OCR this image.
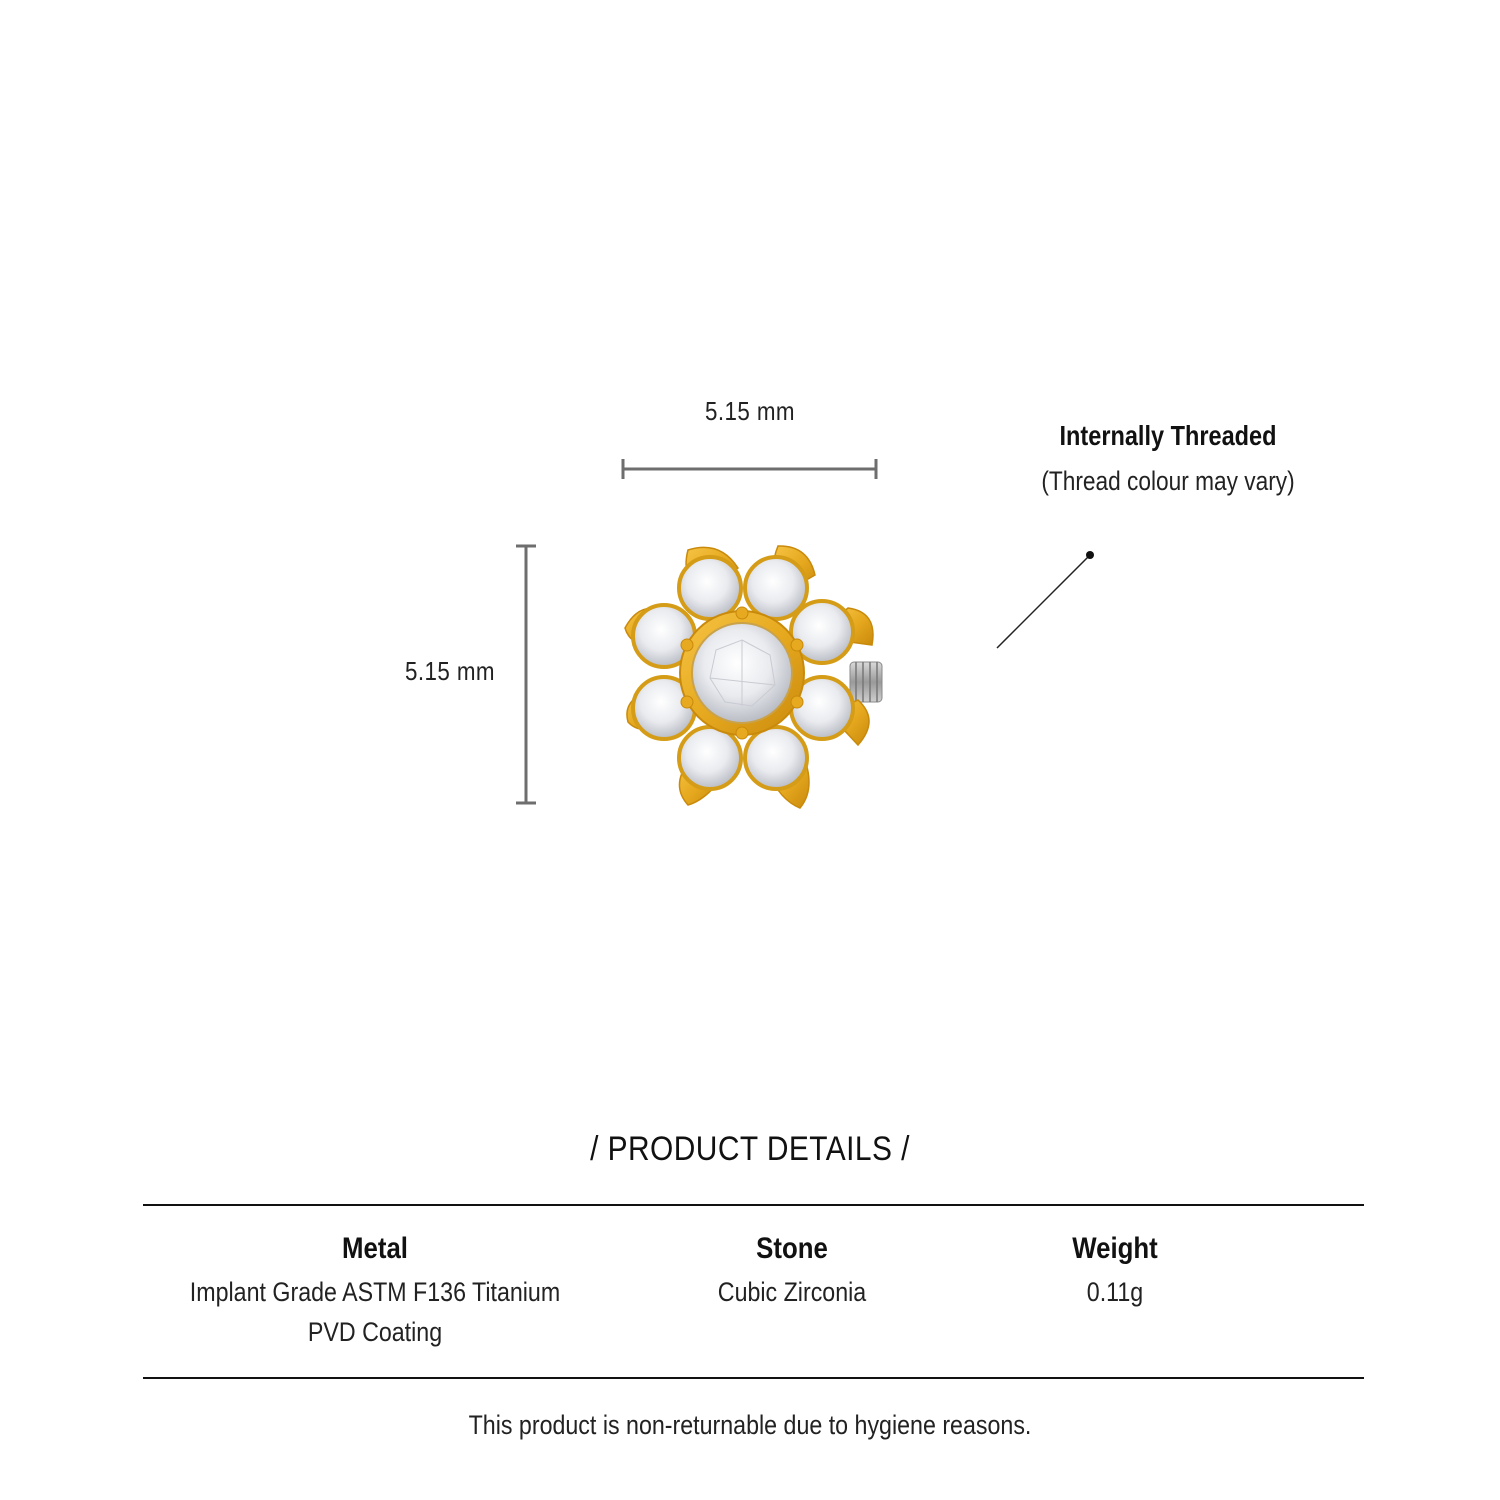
5.15 mm
5.15 mm
Internally Threaded
(Thread colour may vary)
/ PRODUCT DETAILS /
Metal
Implant Grade ASTM F136 Titanium
PVD Coating
Stone
Cubic Zirconia
Weight
0.11g
This product is non-returnable due to hygiene reasons.
